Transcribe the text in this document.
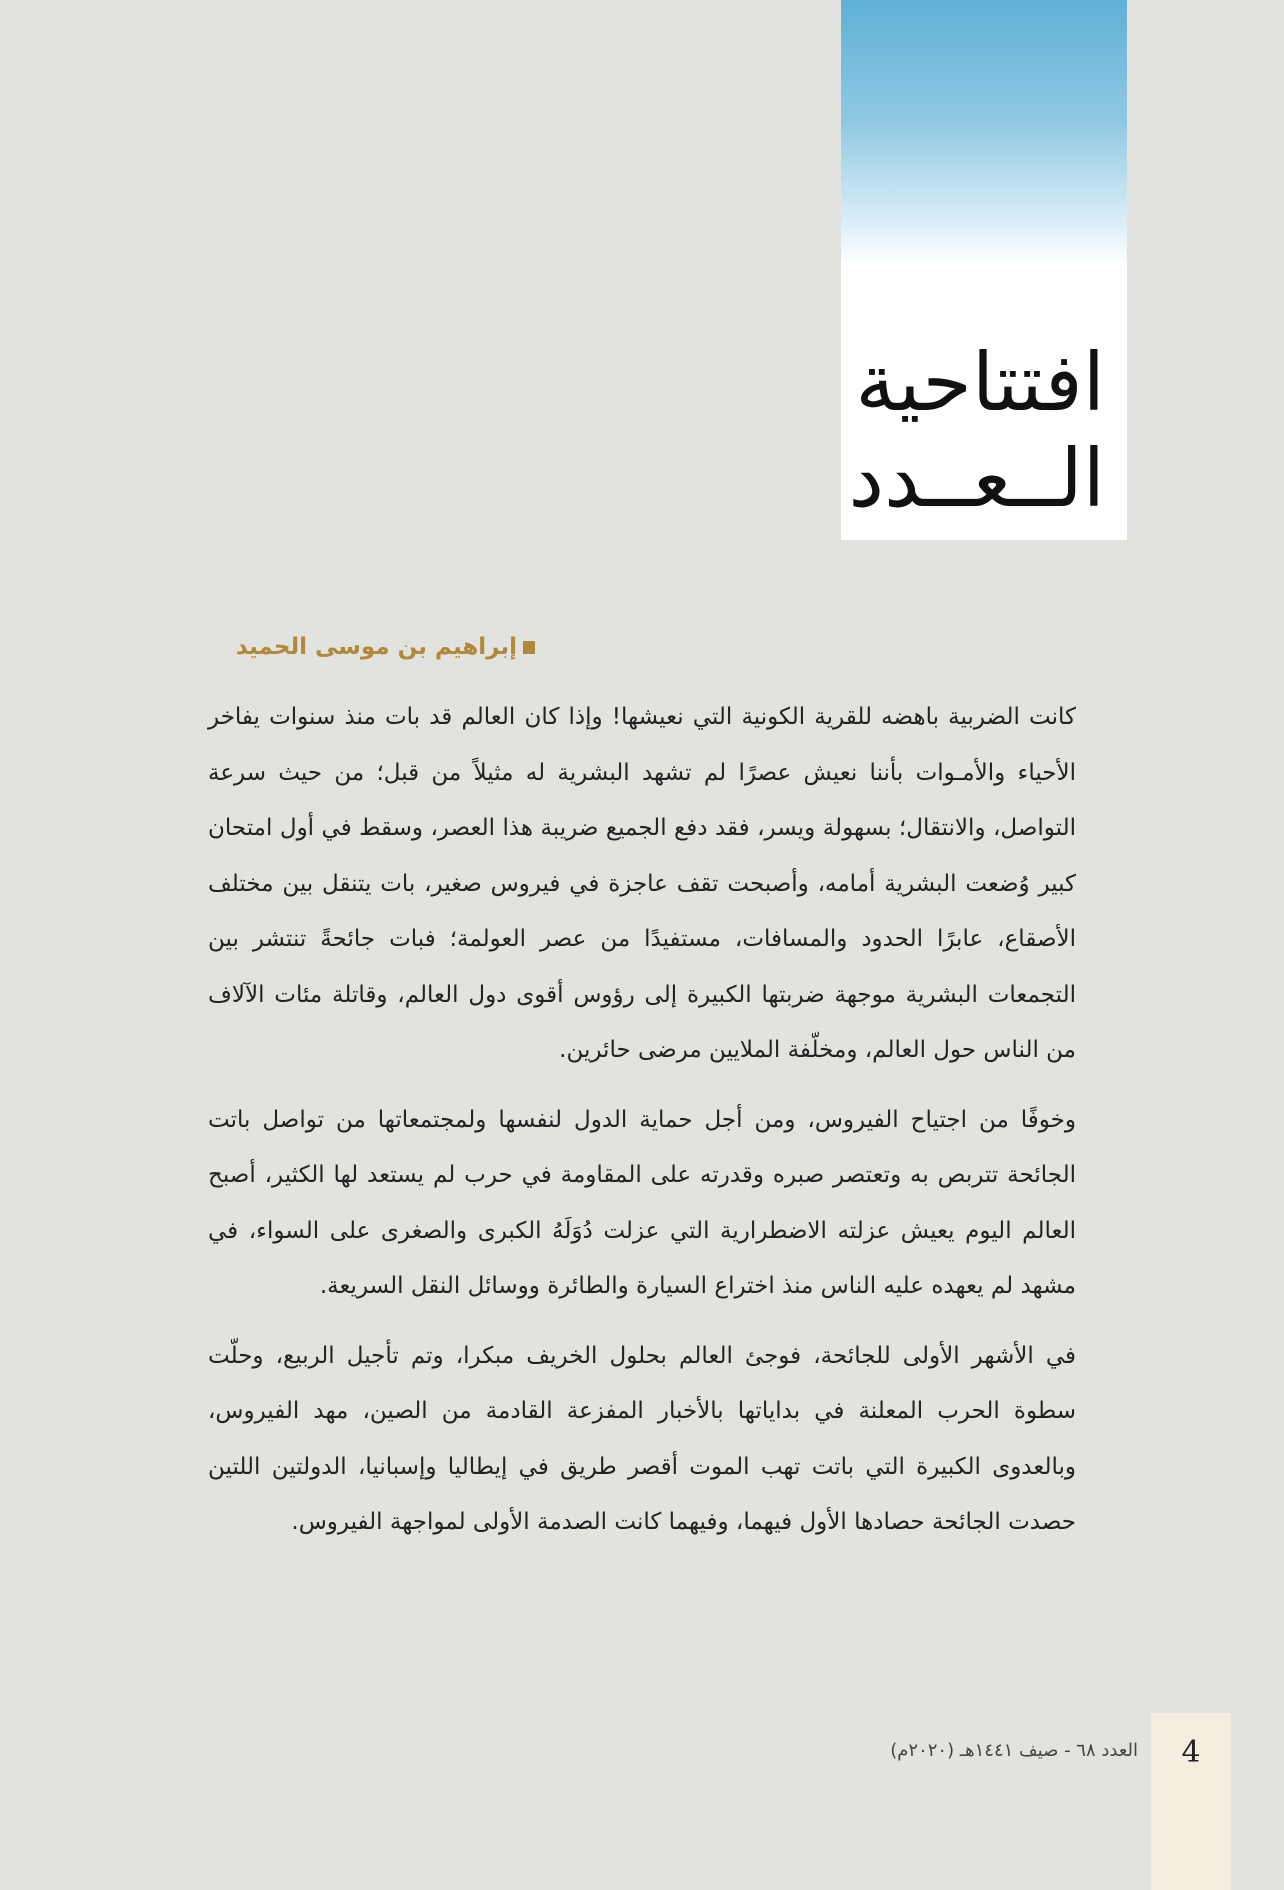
افتتاحية
الــعــدد
إبراهيم بن موسى الحميد

كانت الضربية باهضه للقرية الكونية التي نعيشها! وإذا كان العالم قد بات منذ سنوات يفاخر الأحياء والأمـوات بأننا نعيش عصرًا لم تشهد البشرية له مثيلاً من قبل؛ من حيث سرعة التواصل، والانتقال؛ بسهولة ويسر، فقد دفع الجميع ضريبة هذا العصر، وسقط في أول امتحان كبير وُضعت البشرية أمامه، وأصبحت تقف عاجزة في فيروس صغير، بات يتنقل بين مختلف الأصقاع، عابرًا الحدود والمسافات، مستفيدًا من عصر العولمة؛ فبات جائحةً تنتشر بين التجمعات البشرية موجهة ضربتها الكبيرة إلى رؤوس أقوى دول العالم، وقاتلة مئات الآلاف من الناس حول العالم، ومخلّفة الملايين مرضى حائرين.

وخوفًا من اجتياح الفيروس، ومن أجل حماية الدول لنفسها ولمجتمعاتها من تواصل باتت الجائحة تتربص به وتعتصر صبره وقدرته على المقاومة في حرب لم يستعد لها الكثير، أصبح العالم اليوم يعيش عزلته الاضطرارية التي عزلت دُوَلَهُ الكبرى والصغرى على السواء، في مشهد لم يعهده عليه الناس منذ اختراع السيارة والطائرة ووسائل النقل السريعة.

في الأشهر الأولى للجائحة، فوجئ العالم بحلول الخريف مبكرا، وتم تأجيل الربيع، وحلّت سطوة الحرب المعلنة في بداياتها بالأخبار المفزعة القادمة من الصين، مهد الفيروس، وبالعدوى الكبيرة التي باتت تهب الموت أقصر طريق في إيطاليا وإسبانيا، الدولتين اللتين حصدت الجائحة حصادها الأول فيهما، وفيهما كانت الصدمة الأولى لمواجهة الفيروس.

العدد ٦٨ - صيف ١٤٤١هـ (٢٠٢٠م)	4
